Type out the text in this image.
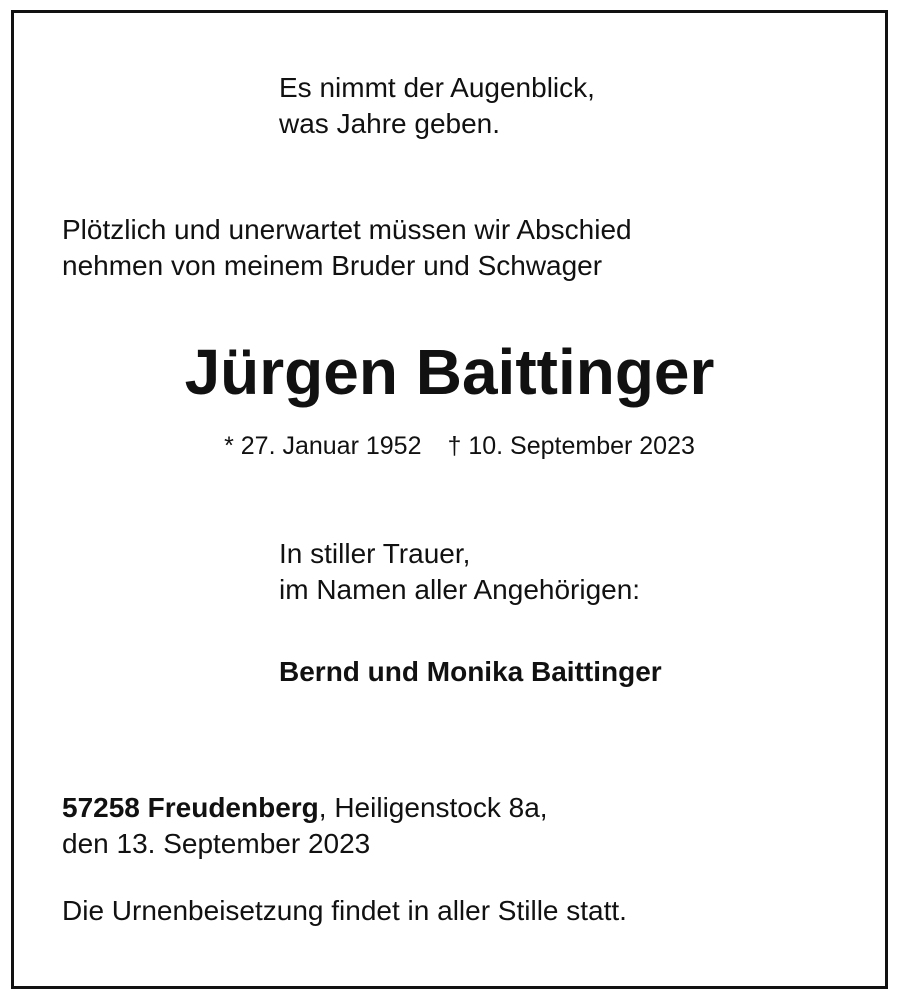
Es nimmt der Augenblick,
was Jahre geben.
Plötzlich und unerwartet müssen wir Abschied
nehmen von meinem Bruder und Schwager
Jürgen Baittinger
* 27. Januar 1952 † 10. September 2023
In stiller Trauer,
im Namen aller Angehörigen:
Bernd und Monika Baittinger
57258 Freudenberg, Heiligenstock 8a,
den 13. September 2023
Die Urnenbeisetzung findet in aller Stille statt.
